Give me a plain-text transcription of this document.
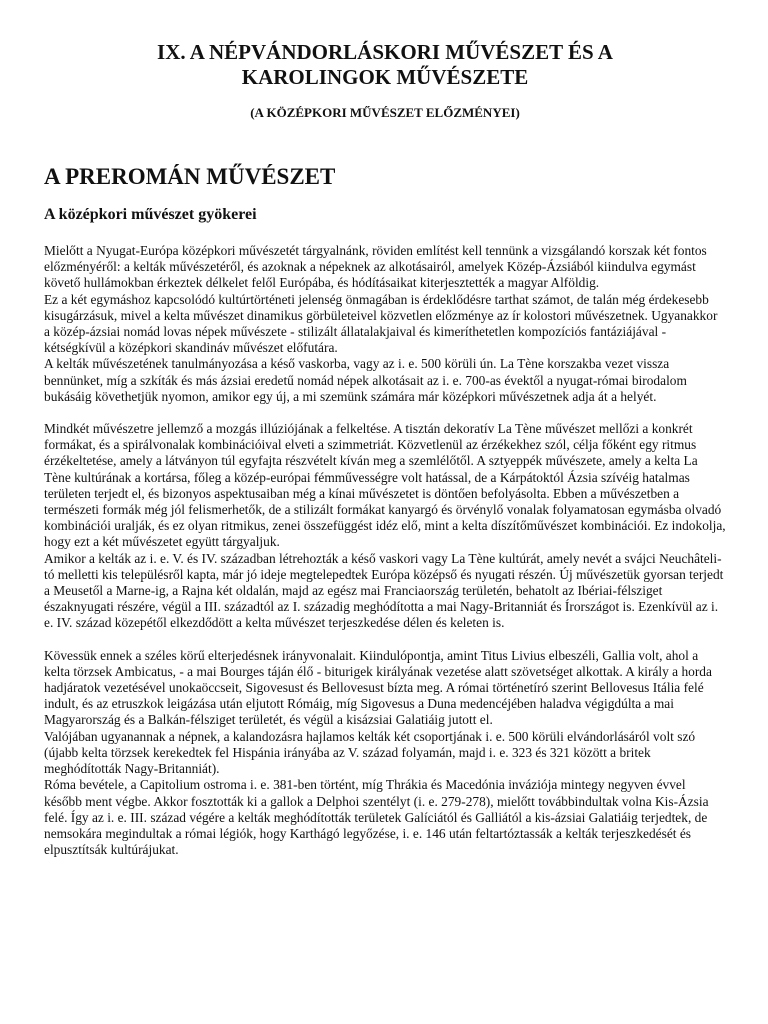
IX. A NÉPVÁNDORLÁSKORI MŰVÉSZET ÉS A
KAROLINGOK MŰVÉSZETE
(A KÖZÉPKORI MŰVÉSZET ELŐZMÉNYEI)
A PREROMÁN MŰVÉSZET
A középkori művészet gyökerei

Mielőtt a Nyugat-Európa középkori művészetét tárgyalnánk, röviden említést kell tennünk a vizsgálandó korszak két fontos előzményéről: a kelták művészetéről, és azoknak a népeknek az alkotásairól, amelyek Közép-Ázsiából kiindulva egymást követő hullámokban érkeztek délkelet felől Európába, és hódításaikat kiterjesztették a magyar Alföldig.

Ez a két egymáshoz kapcsolódó kultúrtörténeti jelenség önmagában is érdeklődésre tarthat számot, de talán még érdekesebb kisugárzásuk, mivel a kelta művészet dinamikus görbületeivel közvetlen előzménye az ír kolostori művészetnek. Ugyanakkor a közép-ázsiai nomád lovas népek művészete - stilizált állatalakjaival és kimeríthetetlen kompozíciós fantáziájával - kétségkívül a középkori skandináv művészet előfutára.

A kelták művészetének tanulmányozása a késő vaskorba, vagy az i. e. 500 körüli ún. La Tène korszakba vezet vissza bennünket, míg a szkíták és más ázsiai eredetű nomád népek alkotásait az i. e. 700-as évektől a nyugat-római birodalom bukásáig követhetjük nyomon, amikor egy új, a mi szemünk számára már középkori művészetnek adja át a helyét.

Mindkét művészetre jellemző a mozgás illúziójának a felkeltése. A tisztán dekoratív La Tène művészet mellőzi a konkrét formákat, és a spirálvonalak kombinációival elveti a szimmetriát. Közvetlenül az érzékekhez szól, célja főként egy ritmus érzékeltetése, amely a látványon túl egyfajta részvételt kíván meg a szemlélőtől. A sztyeppék művészete, amely a kelta La Tène kultúrának a kortársa, főleg a közép-európai fémművességre volt hatással, de a Kárpátoktól Ázsia szívéig hatalmas területen terjedt el, és bizonyos aspektusaiban még a kínai művészetet is döntően befolyásolta. Ebben a művészetben a természeti formák még jól felismerhetők, de a stilizált formákat kanyargó és örvénylő vonalak folyamatosan egymásba olvadó kombinációi uralják, és ez olyan ritmikus, zenei összefüggést idéz elő, mint a kelta díszítőművészet kombinációi. Ez indokolja, hogy ezt a két művészetet együtt tárgyaljuk.

Amikor a kelták az i. e. V. és IV. században létrehozták a késő vaskori vagy La Tène kultúrát, amely nevét a svájci Neuchâteli-tó melletti kis településről kapta, már jó ideje megtelepedtek Európa középső és nyugati részén. Új művészetük gyorsan terjedt a Meusetől a Marne-ig, a Rajna két oldalán, majd az egész mai Franciaország területén, behatolt az Ibériai-félsziget északnyugati részére, végül a III. századtól az I. századig meghódította a mai Nagy-Britanniát és Írországot is. Ezenkívül az i. e. IV. század közepétől elkezdődött a kelta művészet terjeszkedése délen és keleten is.

Kövessük ennek a széles körű elterjedésnek irányvonalait. Kiindulópontja, amint Titus Livius elbeszéli, Gallia volt, ahol a kelta törzsek Ambicatus, - a mai Bourges táján élő - biturigek királyának vezetése alatt szövetséget alkottak. A király a horda hadjáratok vezetésével unokaöccseit, Sigovesust és Bellovesust bízta meg. A római történetíró szerint Bellovesus Itália felé indult, és az etruszkok leigázása után eljutott Rómáig, míg Sigovesus a Duna medencéjében haladva végigdúlta a mai Magyarország és a Balkán-félsziget területét, és végül a kisázsiai Galatiáig jutott el.

Valójában ugyanannak a népnek, a kalandozásra hajlamos kelták két csoportjának i. e. 500 körüli elvándorlásáról volt szó (újabb kelta törzsek kerekedtek fel Hispánia irányába az V. század folyamán, majd i. e. 323 és 321 között a britek meghódították Nagy-Britanniát).

Róma bevétele, a Capitolium ostroma i. e. 381-ben történt, míg Thrákia és Macedónia inváziója mintegy negyven évvel később ment végbe. Akkor fosztották ki a gallok a Delphoi szentélyt (i. e. 279-278), mielőtt továbbindultak volna Kis-Ázsia felé. Így az i. e. III. század végére a kelták meghódították területek Galíciától és Galliától a kis-ázsiai Galatiáig terjedtek, de nemsokára megindultak a római légiók, hogy Karthágó legyőzése, i. e. 146 után feltartóztassák a kelták terjeszkedését és elpusztítsák kultúrájukat.
